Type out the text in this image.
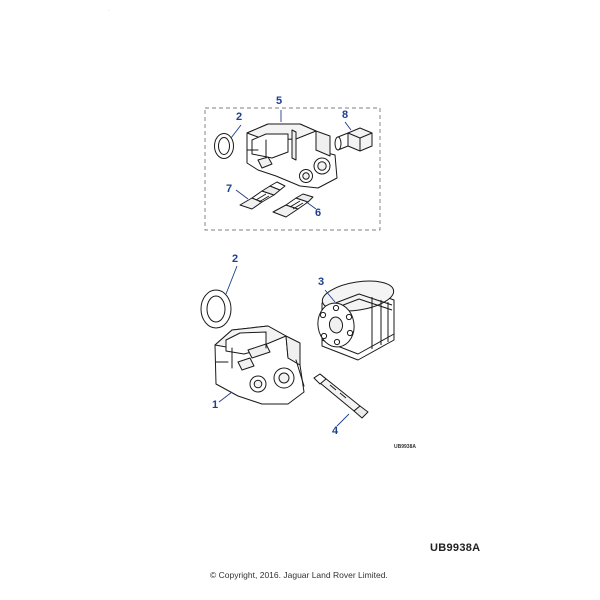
5
2	8
7
6
2
3
1
4
UB9938A
UB9938A
© Copyright, 2016. Jaguar Land Rover Limited.
·
